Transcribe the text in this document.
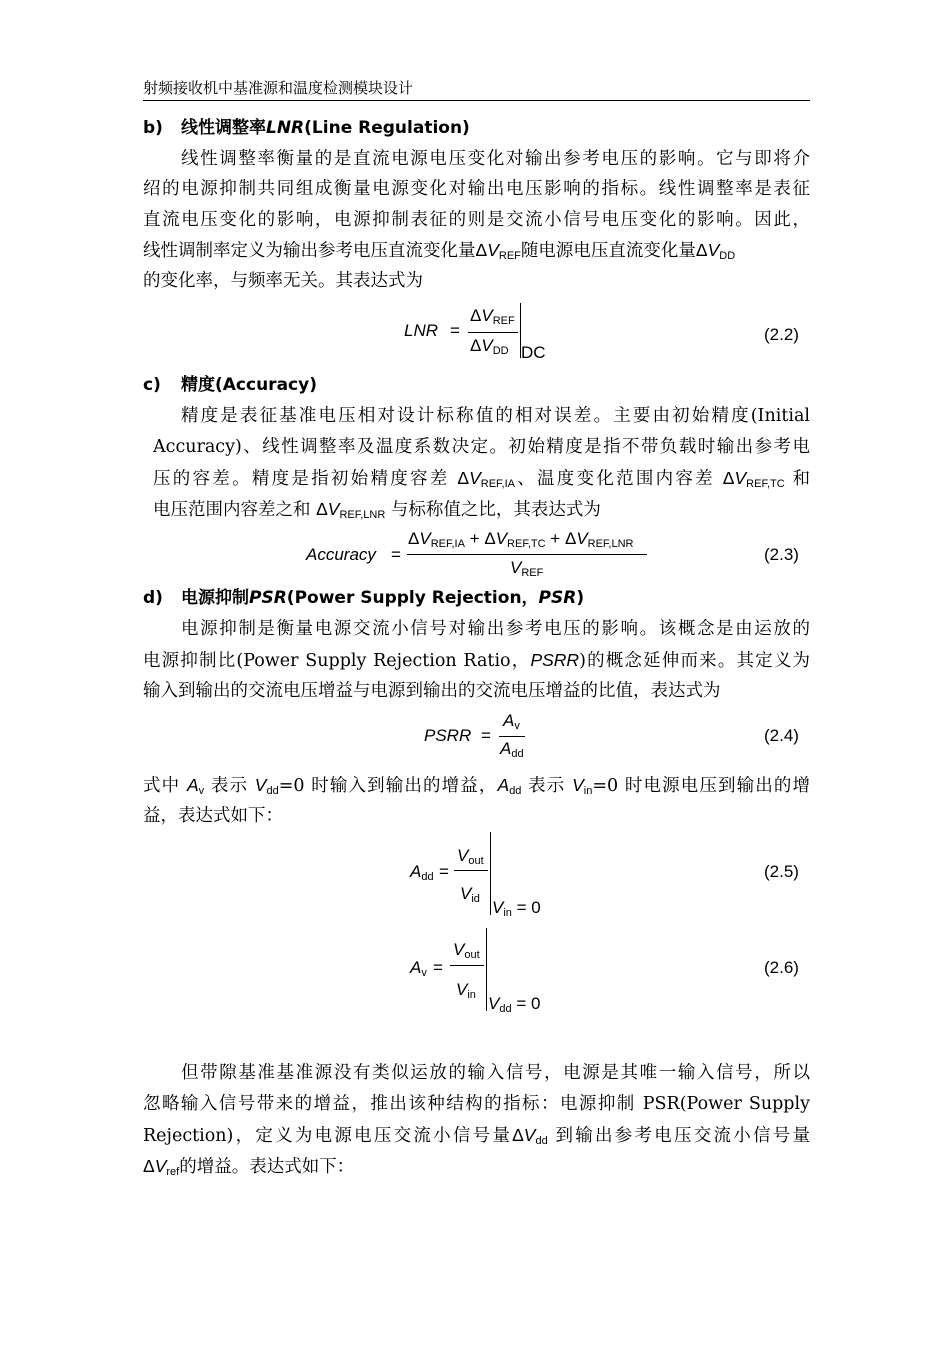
射频接收机中基准源和温度检测模块设计
b) 线性调整率LNR(Line Regulation)
线性调整率衡量的是直流电源电压变化对输出参考电压的影响。它与即将介
绍的电源抑制共同组成衡量电源变化对输出电压影响的指标。线性调整率是表征
直流电压变化的影响，电源抑制表征的则是交流小信号电压变化的影响。因此，
线性调制率定义为输出参考电压直流变化量$\Delta V_{REF}$随电源电压直流变化量$\Delta V_{DD}$
的变化率，与频率无关。其表达式为
LNR =
$\Delta V_{REF}$
$\Delta V_{DD}$ DC
(2.2)
c) 精度(Accuracy)
精度是表征基准电压相对设计标称值的相对误差。主要由初始精度(Initial
Accuracy)、线性调整率及温度系数决定。初始精度是指不带负载时输出参考电
压的容差。精度是指初始精度容差 $\Delta V_{REF,IA}$、温度变化范围内容差 $\Delta V_{REF,TC}$ 和
电压范围内容差之和 $\Delta V_{REF,LNR}$ 与标称值之比，其表达式为
Accuracy =
$\Delta V_{REF,IA} + \Delta V_{REF,TC} + \Delta V_{REF,LNR}$
$V_{REF}$
(2.3)
d) 电源抑制PSR(Power Supply Rejection，PSR)
电源抑制是衡量电源交流小信号对输出参考电压的影响。该概念是由运放的
电源抑制比(Power Supply Rejection Ratio，PSRR)的概念延伸而来。其定义为
输入到输出的交流电压增益与电源到输出的交流电压增益的比值，表达式为
PSRR =
$A_v$
$A_{dd}$
(2.4)
式中 $A_v$ 表示 $V_{dd}=0$ 时输入到输出的增益，$A_{dd}$ 表示 $V_{in}=0$ 时电源电压到输出的增
益，表达式如下：
$A_{dd}$ =
$V_{out}$
$V_{id}$ $V_{in} = 0$
(2.5)
$A_v$ =
$V_{out}$
$V_{in}$ $V_{dd} = 0$
(2.6)
但带隙基准基准源没有类似运放的输入信号，电源是其唯一输入信号，所以
忽略输入信号带来的增益，推出该种结构的指标：电源抑制 PSR(Power Supply
Rejection)，定义为电源电压交流小信号量$\Delta V_{dd}$ 到输出参考电压交流小信号量
$\Delta V_{ref}$的增益。表达式如下：
